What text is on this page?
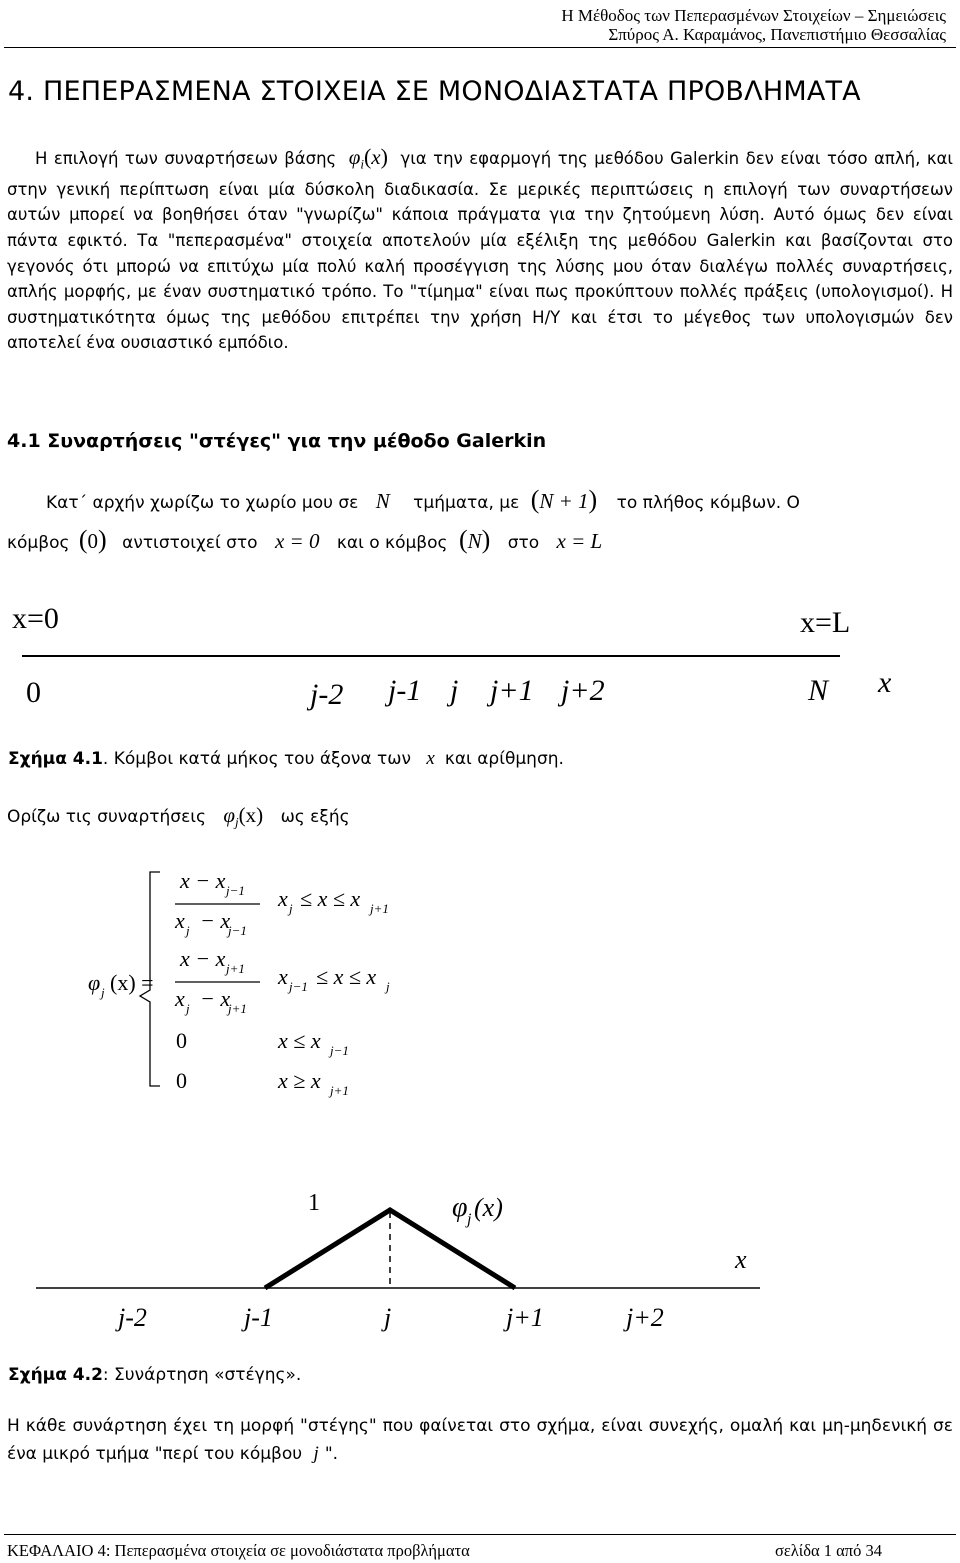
Η Μέθοδος των Πεπερασμένων Στοιχείων – Σημειώσεις
Σπύρος Α. Καραμάνος, Πανεπιστήμιο Θεσσαλίας
4. ΠΕΠΕΡΑΣΜΕΝΑ ΣΤΟΙΧΕΙΑ ΣΕ ΜΟΝΟΔΙΑΣΤΑΤΑ ΠΡΟΒΛΗΜΑΤΑ
Η επιλογή των συναρτήσεων βάσης $\varphi_i(x)$ για την εφαρμογή της μεθόδου Galerkin δεν είναι τόσο απλή, και στην γενική περίπτωση είναι μία δύσκολη διαδικασία. Σε μερικές περιπτώσεις η επιλογή των συναρτήσεων αυτών μπορεί να βοηθήσει όταν "γνωρίζω" κάποια πράγματα για την ζητούμενη λύση. Αυτό όμως δεν είναι πάντα εφικτό. Τα "πεπερασμένα" στοιχεία αποτελούν μία εξέλιξη της μεθόδου Galerkin και βασίζονται στο γεγονός ότι μπορώ να επιτύχω μία πολύ καλή προσέγγιση της λύσης μου όταν διαλέγω πολλές συναρτήσεις, απλής μορφής, με έναν συστηματικό τρόπο. Το "τίμημα" είναι πως προκύπτουν πολλές πράξεις (υπολογισμοί). Η συστηματικότητα όμως της μεθόδου επιτρέπει την χρήση Η/Υ και έτσι το μέγεθος των υπολογισμών δεν αποτελεί ένα ουσιαστικό εμπόδιο.
4.1 Συναρτήσεις "στέγες" για την μέθοδο Galerkin
Κατ΄ αρχήν χωρίζω το χωρίο μου σε N τμήματα, με (N + 1) το πλήθος κόμβων. Ο
κόμβος (0) αντιστοιχεί στο x = 0 και ο κόμβος (N) στο x = L
x=0	x=L
0	j-2 j-1 j j+1 j+2	N x
Σχήμα 4.1. Κόμβοι κατά μήκος του άξονα των x και αρίθμηση.
Ορίζω τις συναρτήσεις $\varphi_j(x)$ ως εξής
φ j (x) =
x − x j−1
x j − x
j−1
x j ≤ x ≤ x j+1
x − x j+1
x j − x
j+1
x j−1 ≤ x ≤ x j
0	x ≤ x j−1
0	x ≥ x j+1
1	φ j (x)
x
j-2	j-1	j	j+1	j+2
Σχήμα 4.2: Συνάρτηση «στέγης».
Η κάθε συνάρτηση έχει τη μορφή "στέγης" που φαίνεται στο σχήμα, είναι συνεχής, ομαλή και μη-μηδενική σε ένα μικρό τμήμα "περί του κόμβου j ".
ΚΕΦΑΛΑΙΟ 4: Πεπερασμένα στοιχεία σε μονοδιάστατα προβλήματα	σελίδα 1 από 34
